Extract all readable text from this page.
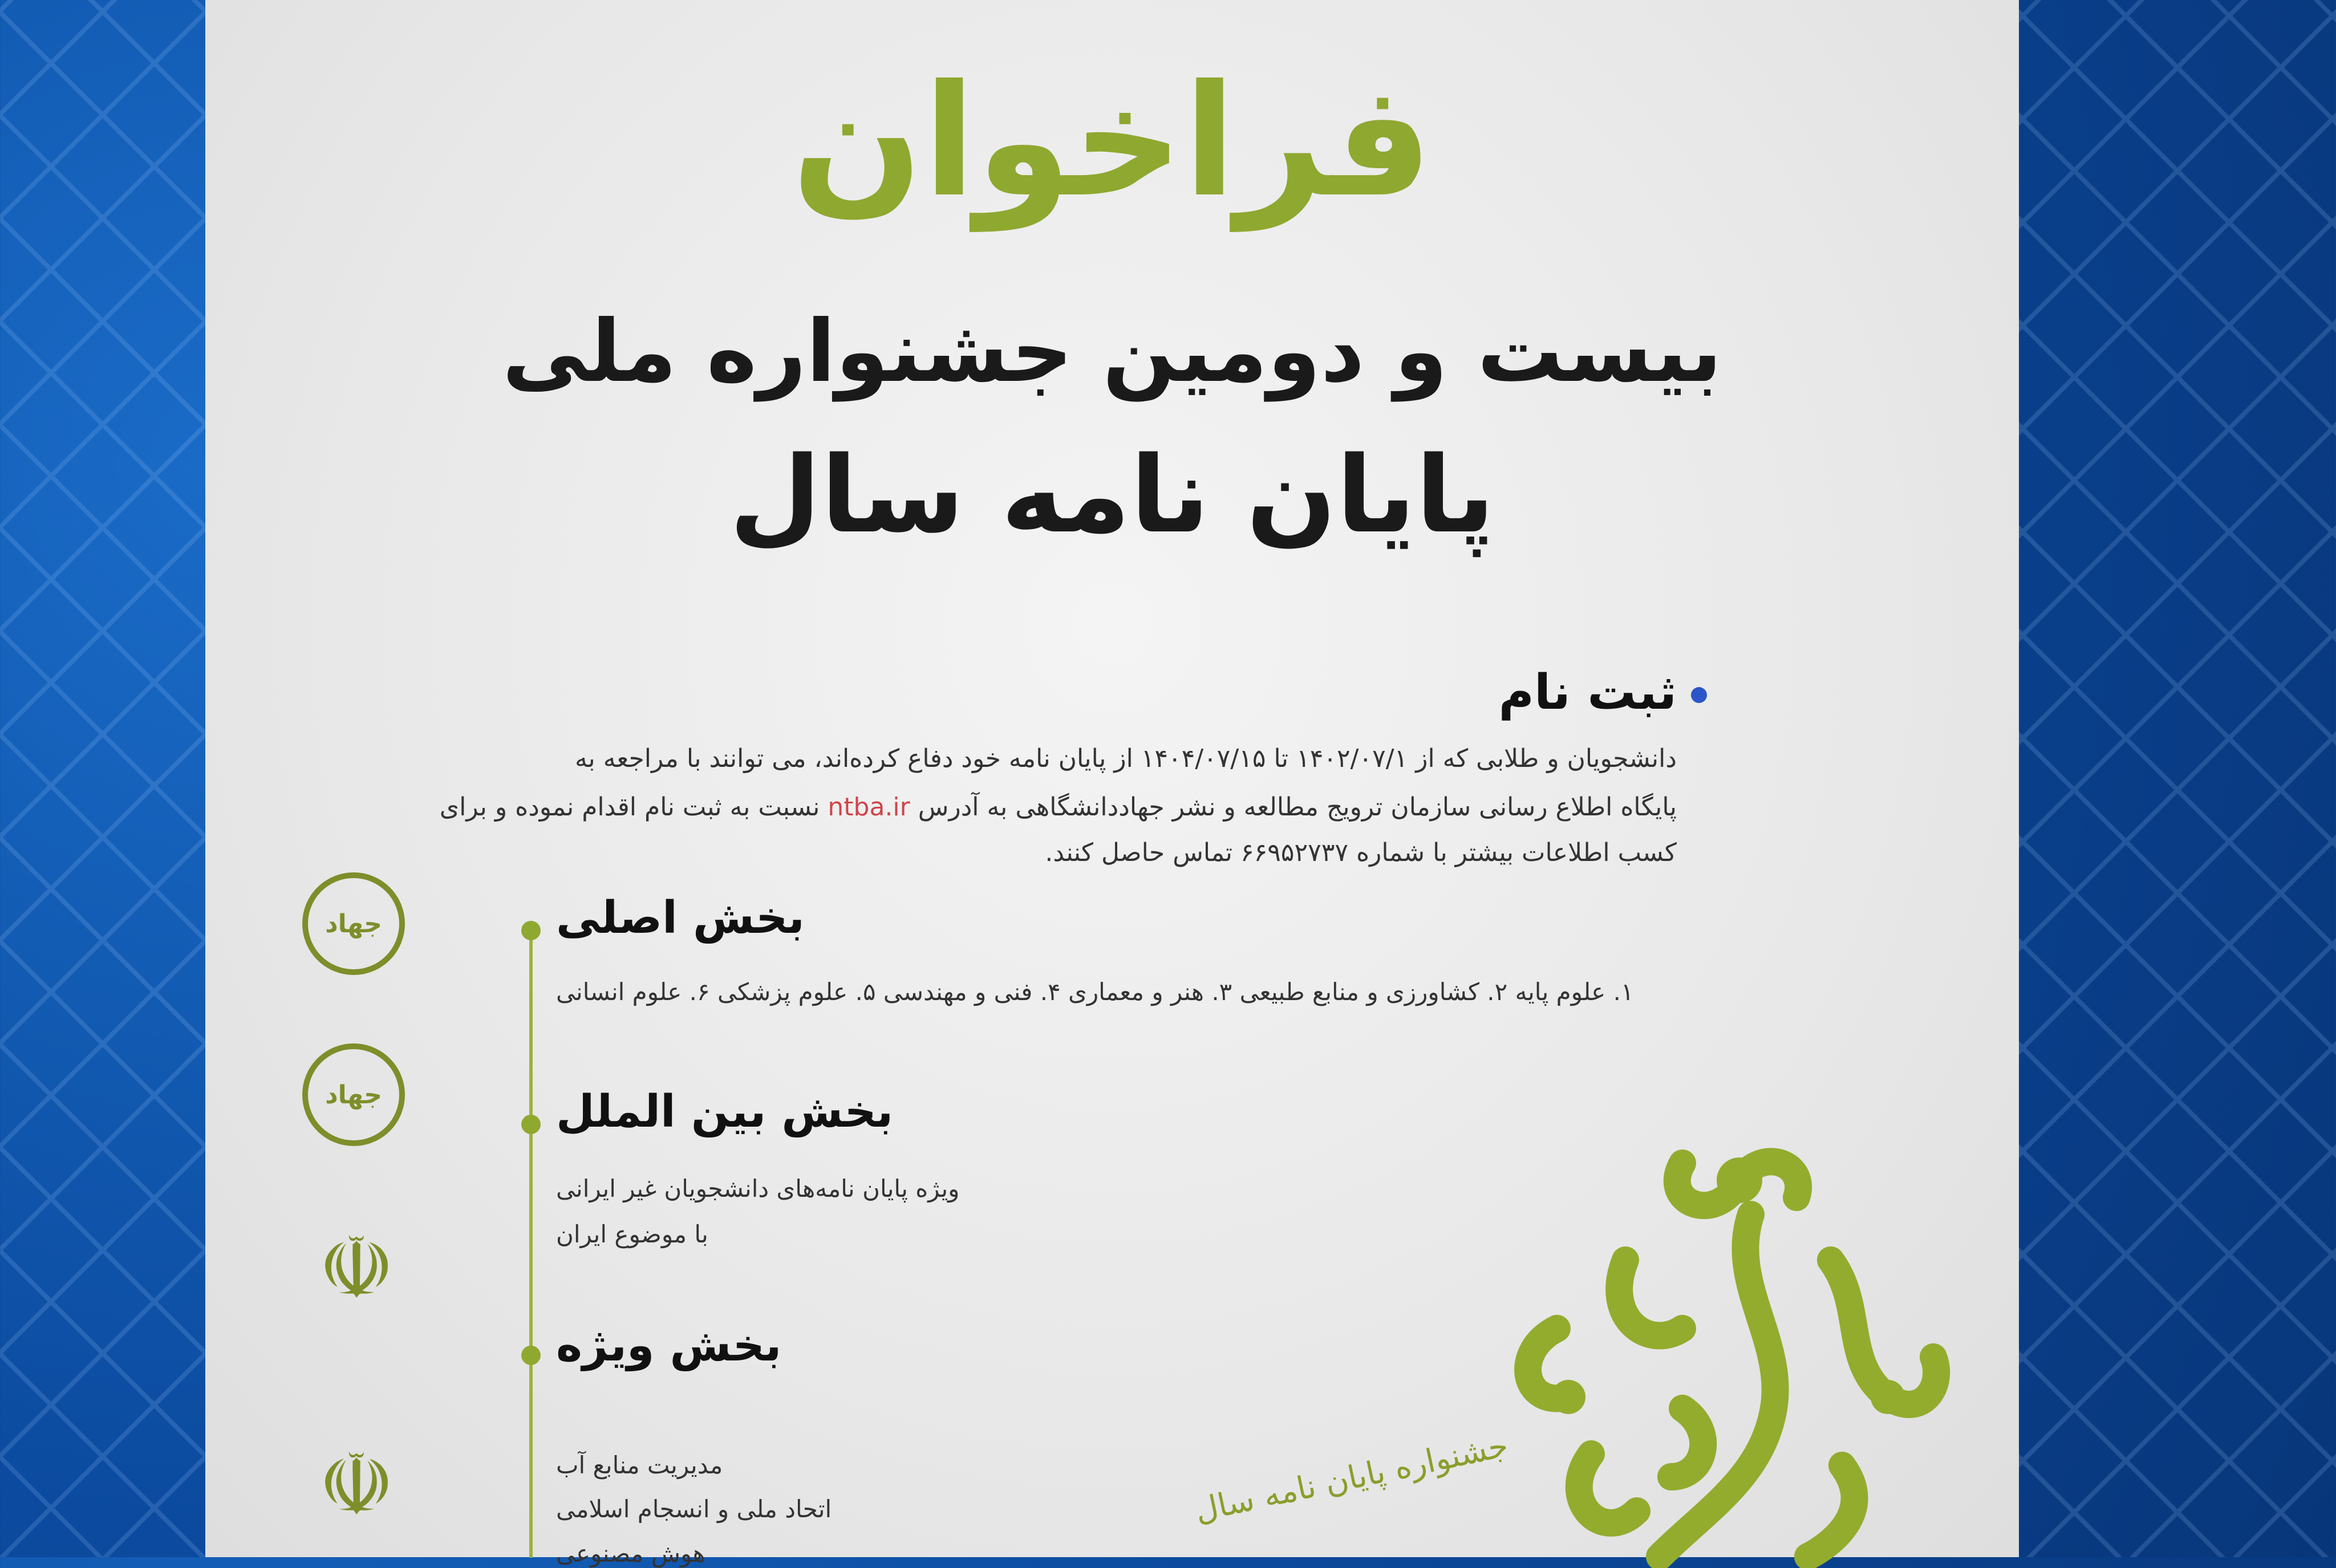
فراخوان
بیست و دومین جشنواره ملی
پایان نامه سال
ثبت نام
دانشجویان و طلابی که از ۱۴۰۲/۰۷/۱ تا ۱۴۰۴/۰۷/۱۵ از پایان نامه خود دفاع کرده‌اند، می توانند با مراجعه به
پایگاه اطلاع رسانی سازمان ترویج مطالعه و نشر جهاددانشگاهی به آدرس ntba.ir نسبت به ثبت نام اقدام نموده و برای
کسب اطلاعات بیشتر با شماره ۶۶۹۵۲۷۳۷ تماس حاصل کنند.
بخش اصلی
۱. علوم پایه ۲. کشاورزی و منابع طبیعی ۳. هنر و معماری ۴. فنی و مهندسی ۵. علوم پزشکی ۶. علوم انسانی
بخش بین الملل
ویژه پایان نامه‌های دانشجویان غیر ایرانی
با موضوع ایران
بخش ویژه
مدیریت منابع آب
اتحاد ملی و انسجام اسلامی
هوش مصنوعی
جهاد
جهاد
☫
☫	جشنواره پایان نامه سال
